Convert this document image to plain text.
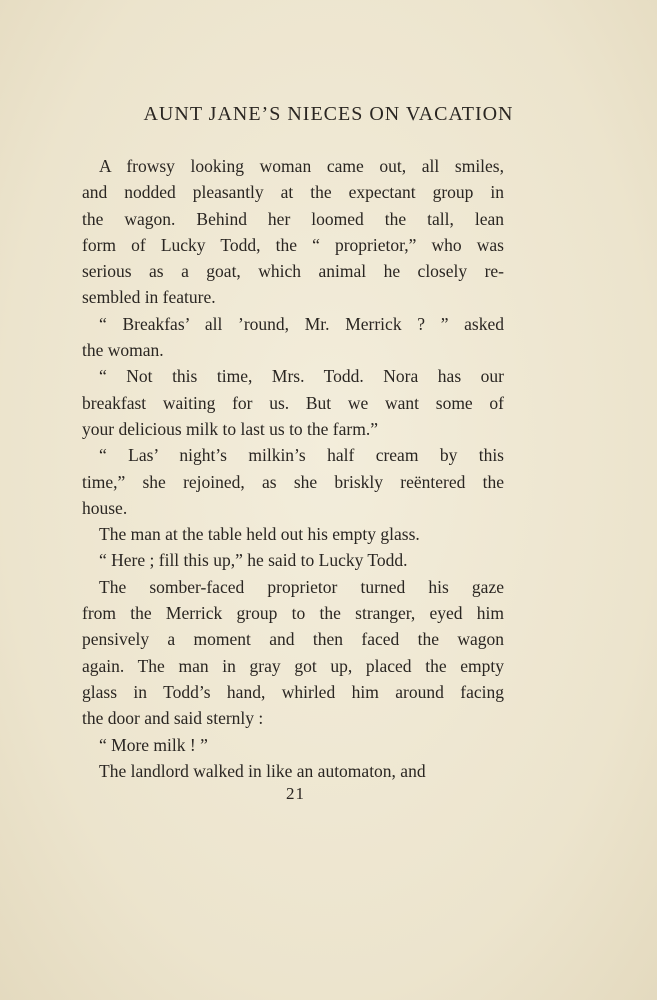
AUNT JANE’S NIECES ON VACATION
A frowsy looking woman came out, all smiles,
and nodded pleasantly at the expectant group in
the wagon. Behind her loomed the tall, lean
form of Lucky Todd, the “ proprietor,” who was
serious as a goat, which animal he closely re-
sembled in feature.
“ Breakfas’ all ’round, Mr. Merrick ? ” asked
the woman.
“ Not this time, Mrs. Todd. Nora has our
breakfast waiting for us. But we want some of
your delicious milk to last us to the farm.”
“ Las’ night’s milkin’s half cream by this
time,” she rejoined, as she briskly reëntered the
house.
The man at the table held out his empty glass.
“ Here ; fill this up,” he said to Lucky Todd.
The somber-faced proprietor turned his gaze
from the Merrick group to the stranger, eyed him
pensively a moment and then faced the wagon
again. The man in gray got up, placed the empty
glass in Todd’s hand, whirled him around facing
the door and said sternly :
“ More milk ! ”
The landlord walked in like an automaton, and
21
